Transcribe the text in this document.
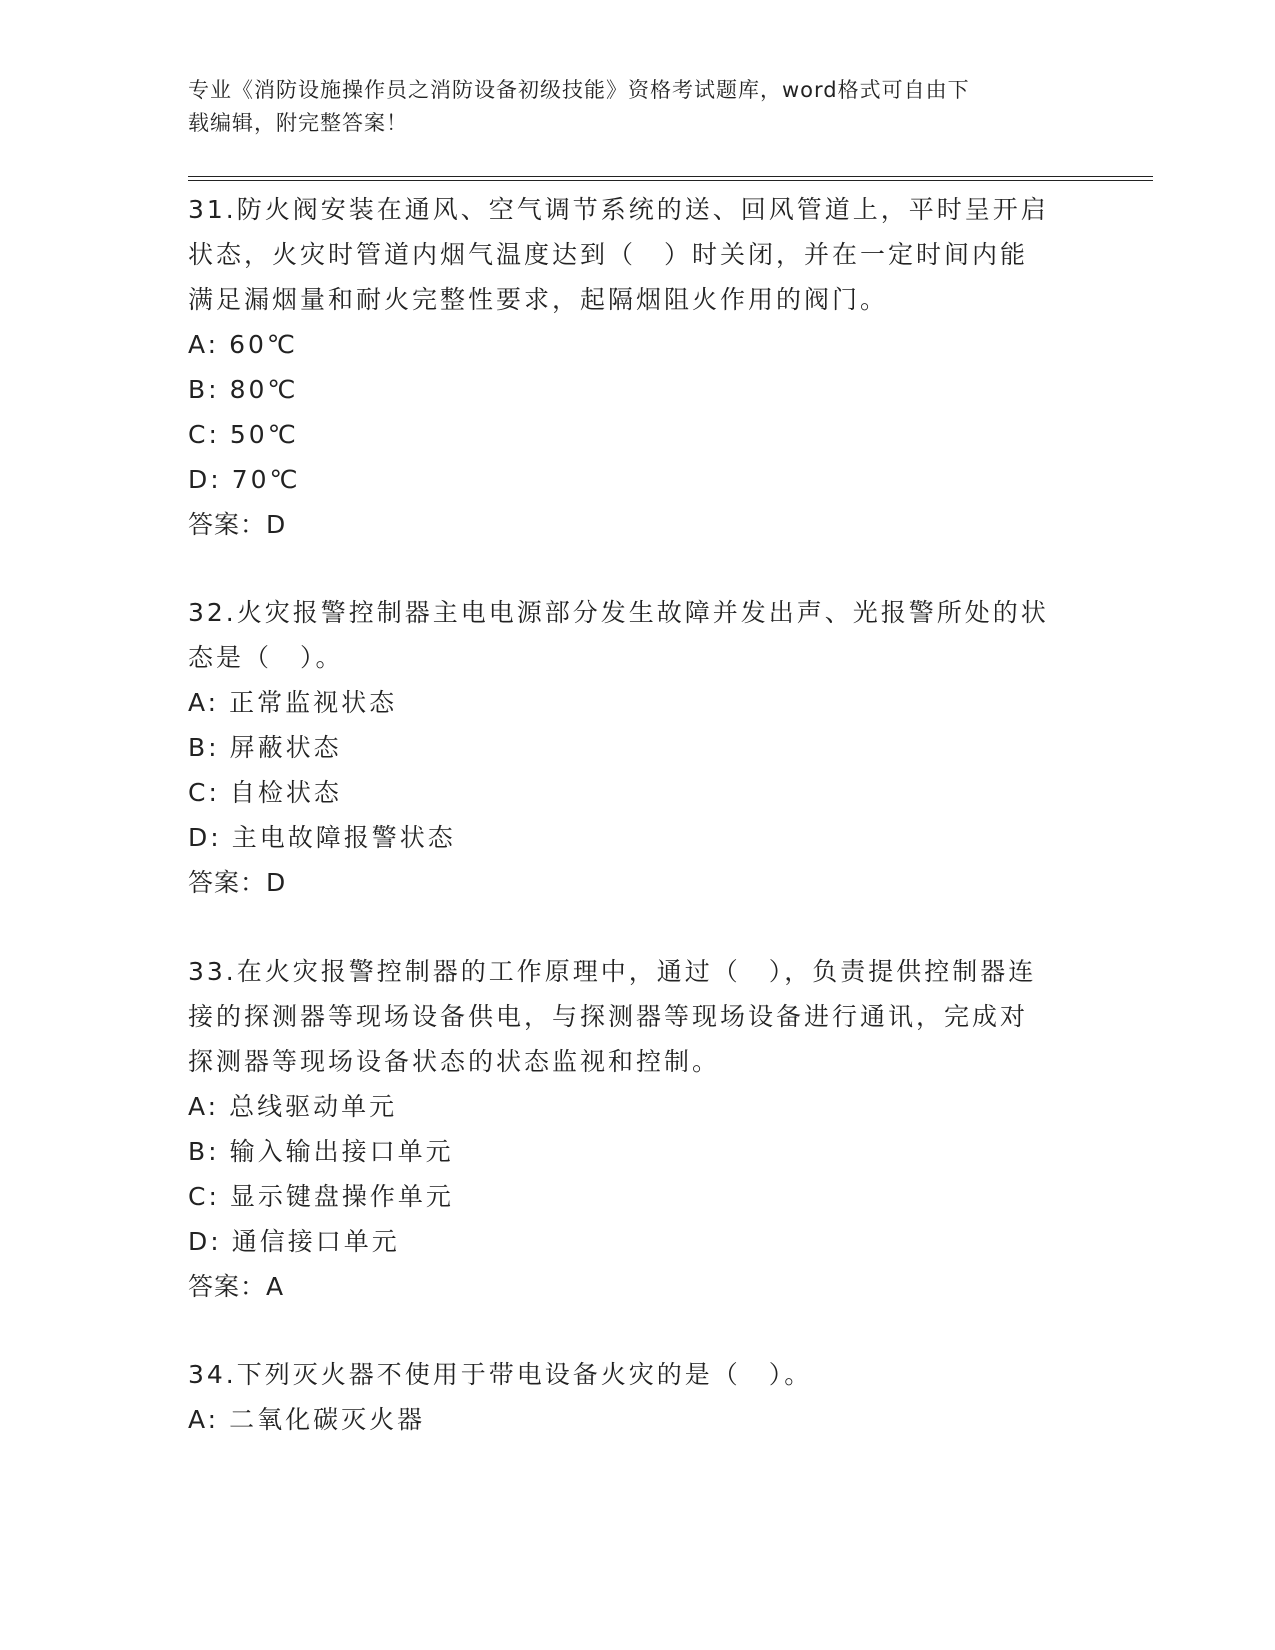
专业《消防设施操作员之消防设备初级技能》资格考试题库，word格式可自由下
载编辑，附完整答案！
31.防火阀安装在通风、空气调节系统的送、回风管道上，平时呈开启
状态，火灾时管道内烟气温度达到（　）时关闭，并在一定时间内能
满足漏烟量和耐火完整性要求，起隔烟阻火作用的阀门。
A: 60℃
B: 80℃
C: 50℃
D: 70℃
答案：D
32.火灾报警控制器主电电源部分发生故障并发出声、光报警所处的状
态是（　）。
A: 正常监视状态
B: 屏蔽状态
C: 自检状态
D: 主电故障报警状态
答案：D
33.在火灾报警控制器的工作原理中，通过（　），负责提供控制器连
接的探测器等现场设备供电，与探测器等现场设备进行通讯，完成对
探测器等现场设备状态的状态监视和控制。
A: 总线驱动单元
B: 输入输出接口单元
C: 显示键盘操作单元
D: 通信接口单元
答案：A
34.下列灭火器不使用于带电设备火灾的是（　）。
A: 二氧化碳灭火器
